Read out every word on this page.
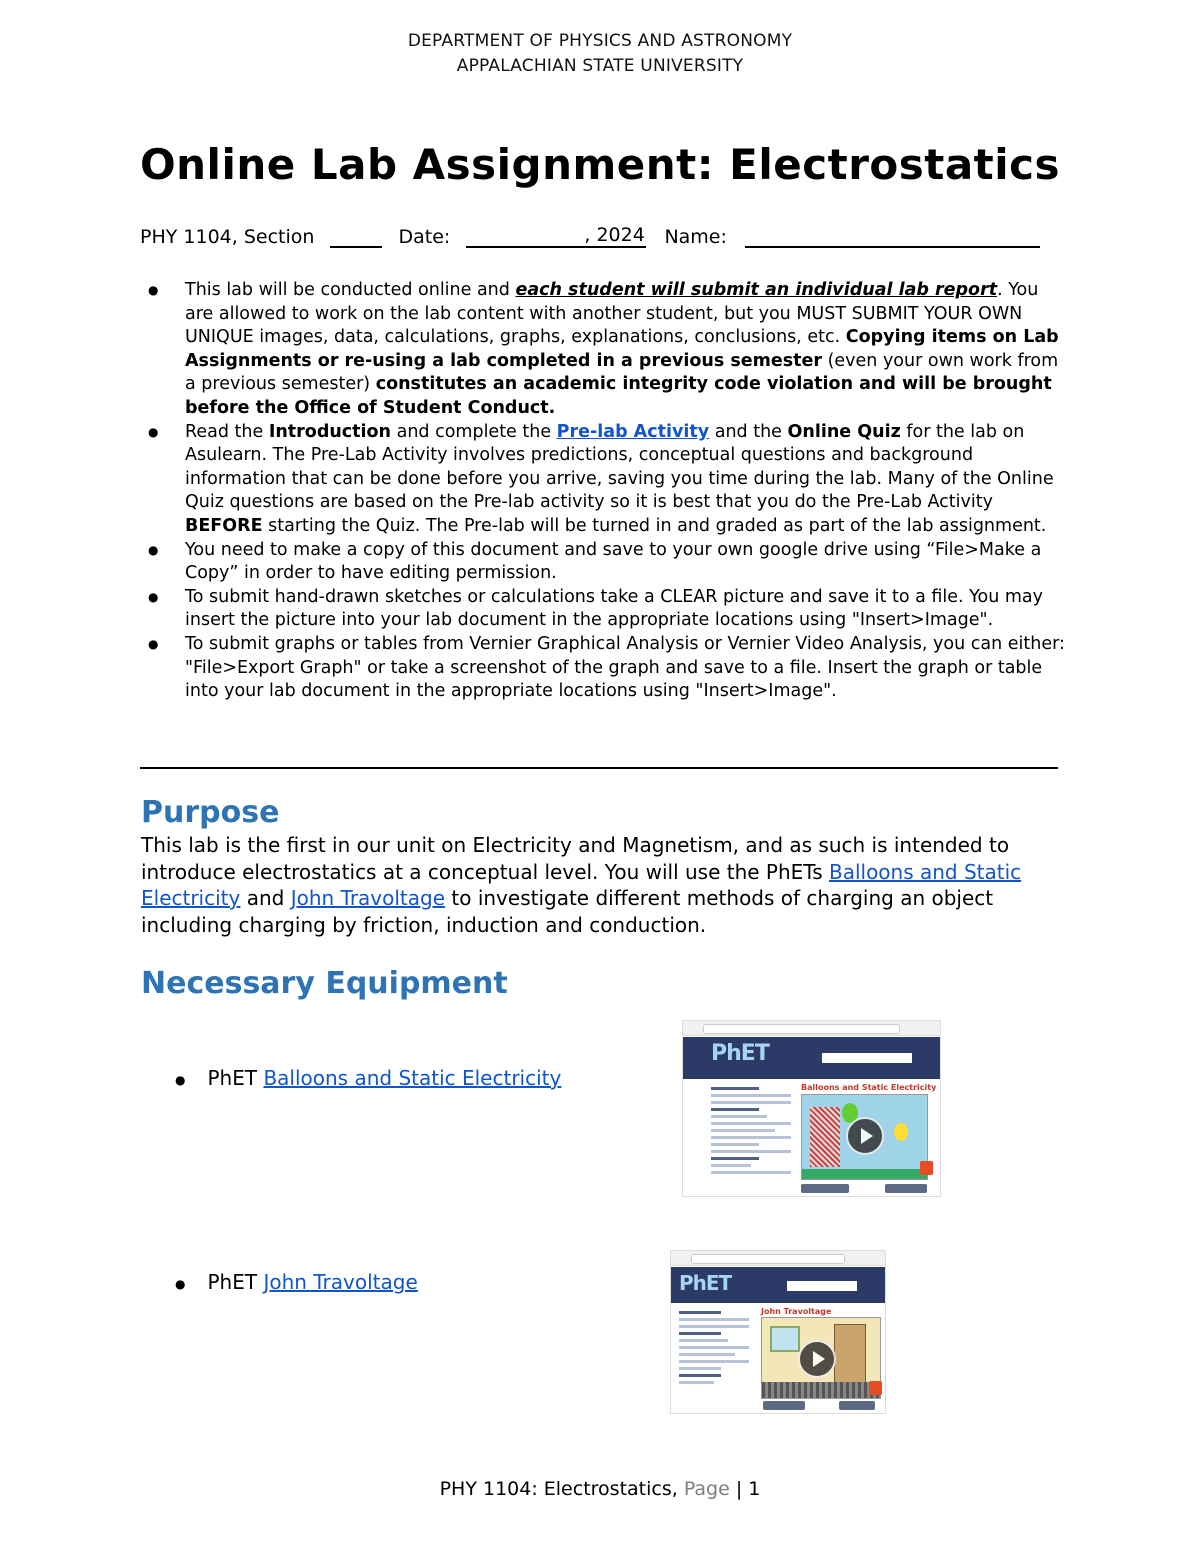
DEPARTMENT OF PHYSICS AND ASTRONOMY
APPALACHIAN STATE UNIVERSITY
Online Lab Assignment: Electrostatics
PHY 1104, Section	Date:	, 2024 Name:
● This lab will be conducted online and each student will submit an individual lab report. You are allowed to work on the lab content with another student, but you MUST SUBMIT YOUR OWN UNIQUE images, data, calculations, graphs, explanations, conclusions, etc. Copying items on Lab Assignments or re-using a lab completed in a previous semester (even your own work from a previous semester) constitutes an academic integrity code violation and will be brought before the Office of Student Conduct.
● Read the Introduction and complete the Pre-lab Activity and the Online Quiz for the lab on Asulearn. The Pre-Lab Activity involves predictions, conceptual questions and background information that can be done before you arrive, saving you time during the lab. Many of the Online Quiz questions are based on the Pre-lab activity so it is best that you do the Pre-Lab Activity BEFORE starting the Quiz. The Pre-lab will be turned in and graded as part of the lab assignment.
● You need to make a copy of this document and save to your own google drive using “File>Make a Copy” in order to have editing permission.
● To submit hand-drawn sketches or calculations take a CLEAR picture and save it to a file. You may insert the picture into your lab document in the appropriate locations using "Insert>Image".
● To submit graphs or tables from Vernier Graphical Analysis or Vernier Video Analysis, you can either: "File>Export Graph" or take a screenshot of the graph and save to a file. Insert the graph or table into your lab document in the appropriate locations using "Insert>Image".
Purpose
This lab is the first in our unit on Electricity and Magnetism, and as such is intended to introduce electrostatics at a conceptual level. You will use the PhETs Balloons and Static Electricity and John Travoltage to investigate different methods of charging an object including charging by friction, induction and conduction.
Necessary Equipment
● PhET Balloons and Static Electricity
● PhET John Travoltage
PhET
Balloons and Static Electricity
PhET
John Travoltage
PHY 1104: Electrostatics, Page | 1
